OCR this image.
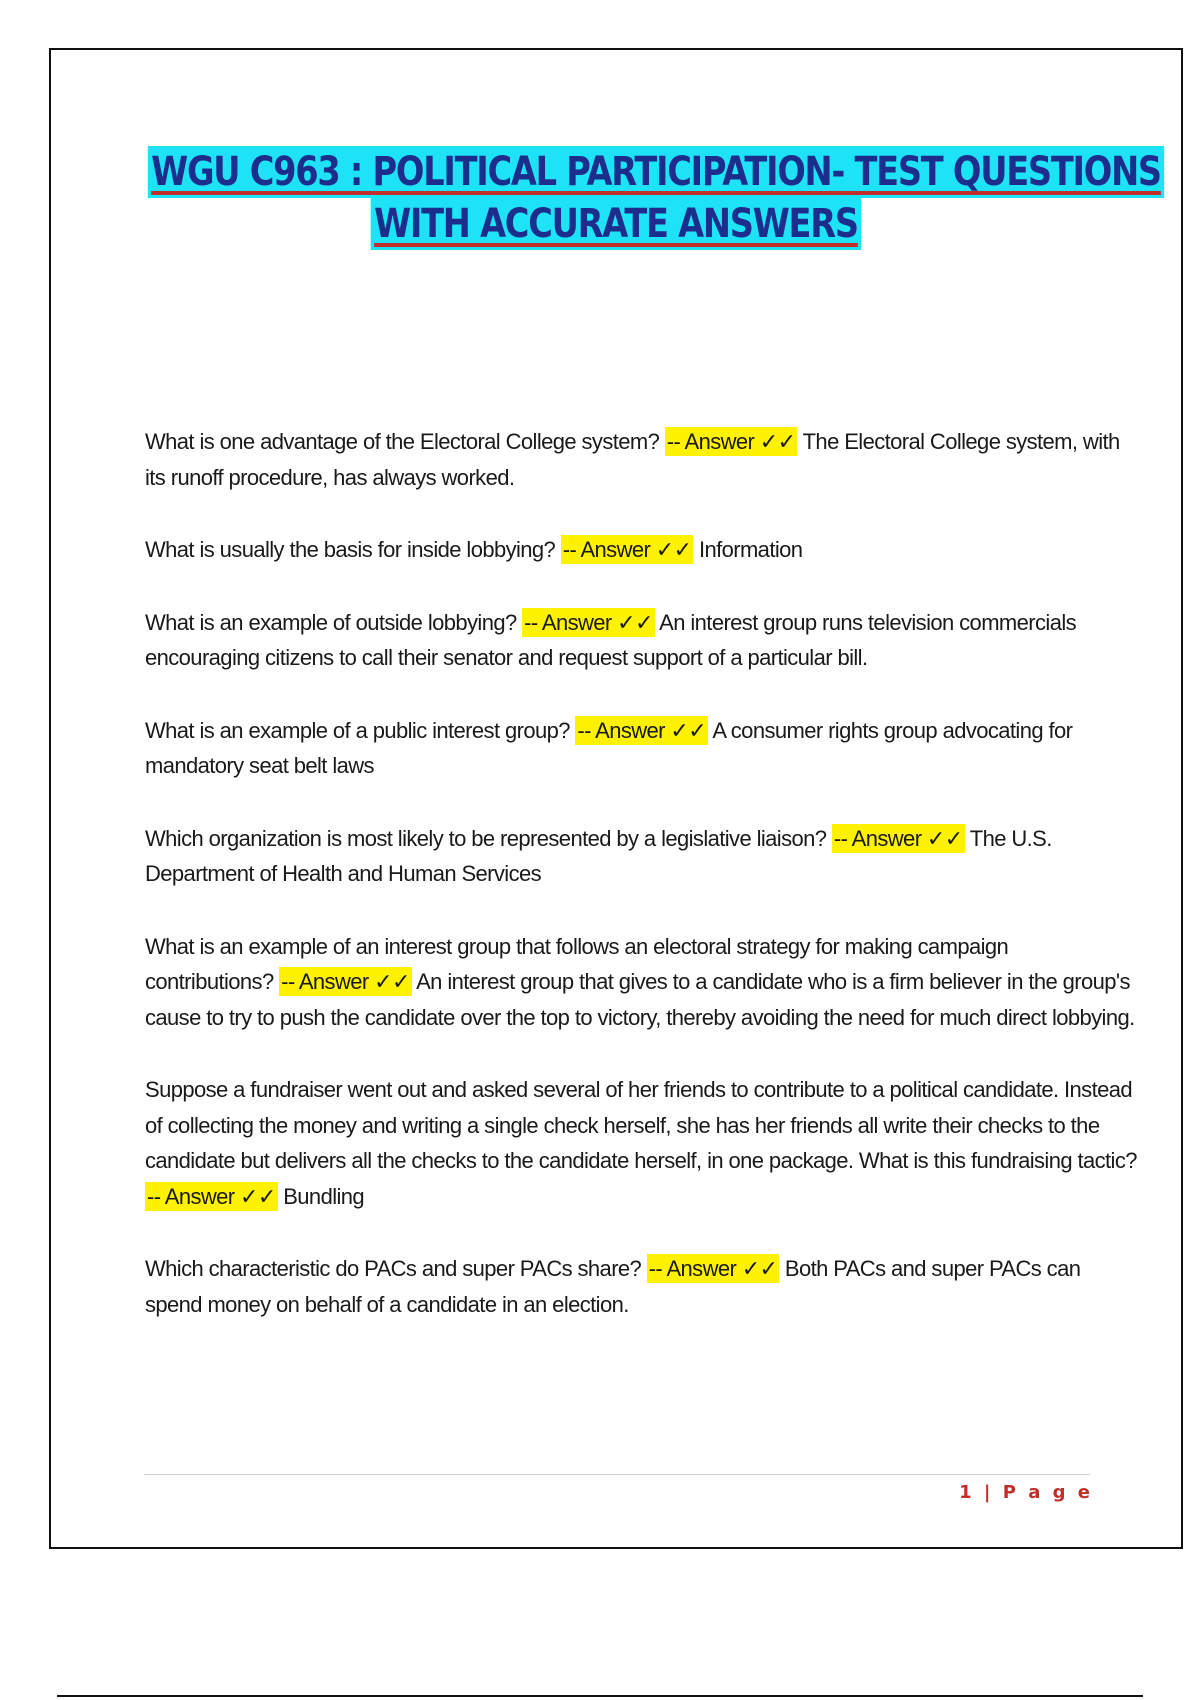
WGU C963 : POLITICAL PARTICIPATION- TEST QUESTIONS
WITH ACCURATE ANSWERS

What is one advantage of the Electoral College system? -- Answer ✓✓ The Electoral College system, with its runoff procedure, has always worked.

What is usually the basis for inside lobbying? -- Answer ✓✓ Information

What is an example of outside lobbying? -- Answer ✓✓ An interest group runs television commercials encouraging citizens to call their senator and request support of a particular bill.

What is an example of a public interest group? -- Answer ✓✓ A consumer rights group advocating for mandatory seat belt laws

Which organization is most likely to be represented by a legislative liaison? -- Answer ✓✓ The U.S. Department of Health and Human Services

What is an example of an interest group that follows an electoral strategy for making campaign contributions? -- Answer ✓✓ An interest group that gives to a candidate who is a firm believer in the group's cause to try to push the candidate over the top to victory, thereby avoiding the need for much direct lobbying.

Suppose a fundraiser went out and asked several of her friends to contribute to a political candidate. Instead of collecting the money and writing a single check herself, she has her friends all write their checks to the candidate but delivers all the checks to the candidate herself, in one package. What is this fundraising tactic? -- Answer ✓✓ Bundling

Which characteristic do PACs and super PACs share? -- Answer ✓✓ Both PACs and super PACs can spend money on behalf of a candidate in an election.

1 | P a g e
